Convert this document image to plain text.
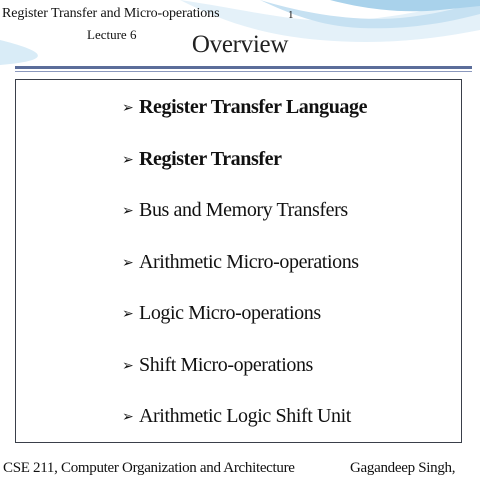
Register Transfer and Micro-operations	1
Lecture 6	Overview
➢ Register Transfer Language
➢ Register Transfer
➢ Bus and Memory Transfers
➢ Arithmetic Micro-operations
➢ Logic Micro-operations
➢ Shift Micro-operations
➢ Arithmetic Logic Shift Unit
CSE 211, Computer Organization and Architecture	Gagandeep Singh,
